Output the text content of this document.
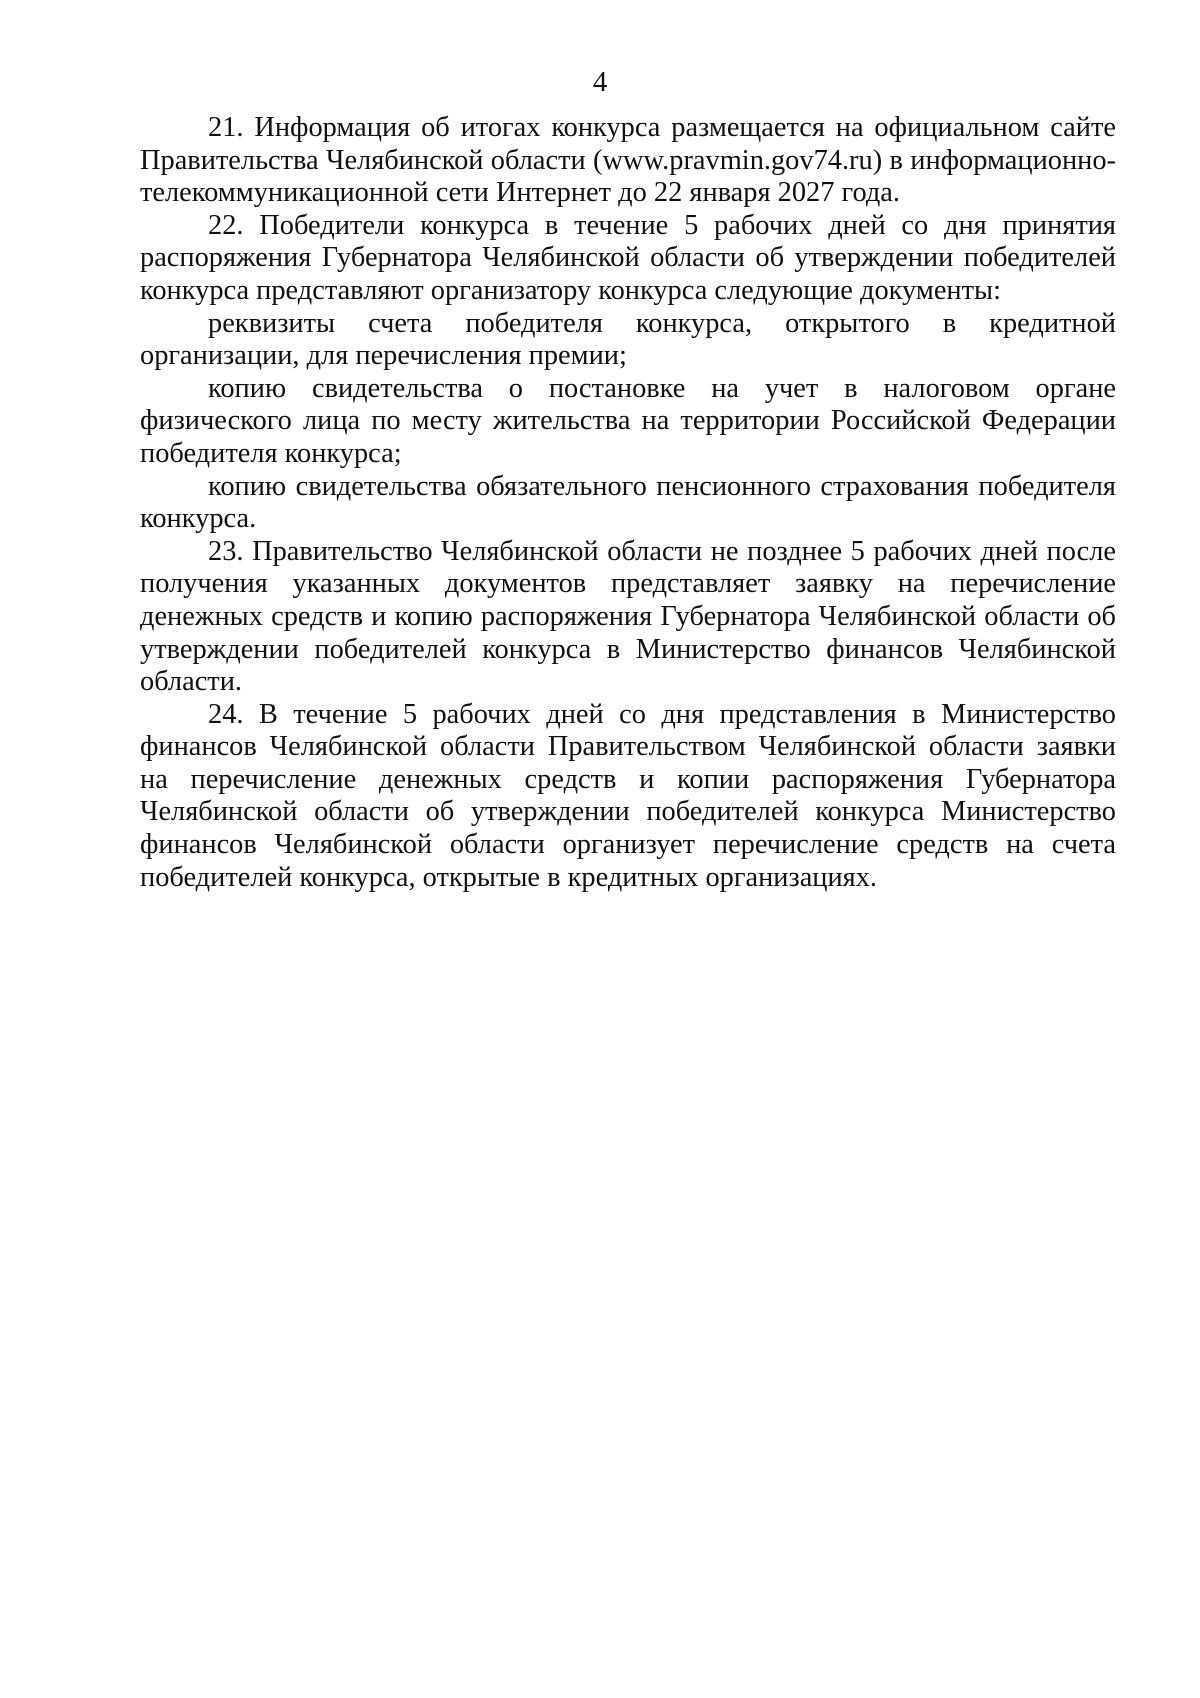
4

21. Информация об итогах конкурса размещается на официальном сайте Правительства Челябинской области (www.pravmin.gov74.ru) в информационно-телекоммуникационной сети Интернет до 22 января 2027 года.

22. Победители конкурса в течение 5 рабочих дней со дня принятия распоряжения Губернатора Челябинской области об утверждении победителей конкурса представляют организатору конкурса следующие документы:

реквизиты счета победителя конкурса, открытого в кредитной организации, для перечисления премии;

копию свидетельства о постановке на учет в налоговом органе физического лица по месту жительства на территории Российской Федерации победителя конкурса;

копию свидетельства обязательного пенсионного страхования победителя конкурса.

23. Правительство Челябинской области не позднее 5 рабочих дней после получения указанных документов представляет заявку на перечисление денежных средств и копию распоряжения Губернатора Челябинской области об утверждении победителей конкурса в Министерство финансов Челябинской области.

24. В течение 5 рабочих дней со дня представления в Министерство финансов Челябинской области Правительством Челябинской области заявки на перечисление денежных средств и копии распоряжения Губернатора Челябинской области об утверждении победителей конкурса Министерство финансов Челябинской области организует перечисление средств на счета победителей конкурса, открытые в кредитных организациях.
